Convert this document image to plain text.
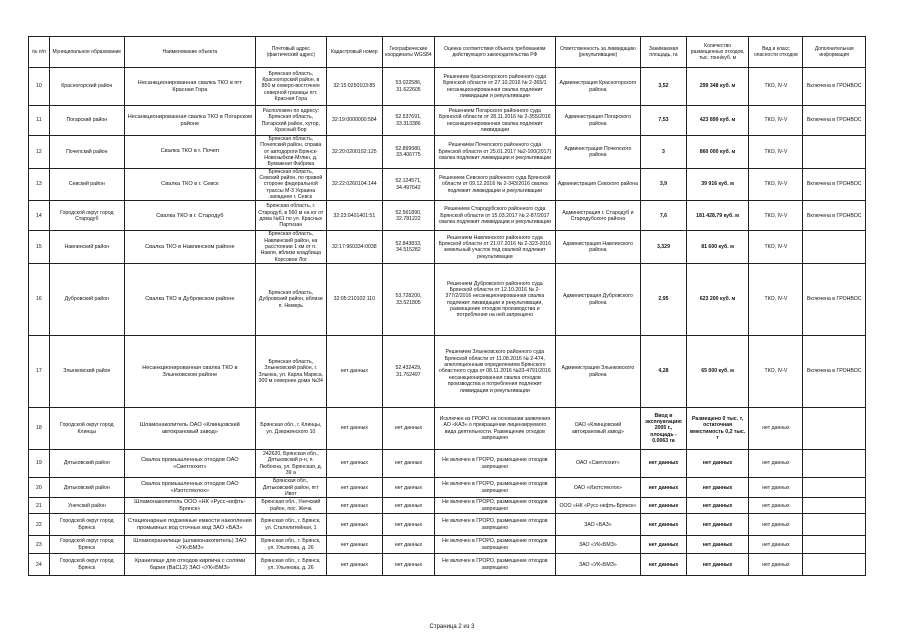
№ п/п	Муниципальное образование	Наименование объекта	Почтовый адрес (фактический адрес)	Кадастровый номер	Географические координаты WGS84	Оценка соответствия объекта требованиям действующего законодательства РФ	Ответственность за ликвидацию (рекультивацию)	Занимаемая площадь, га	Количество размещенных отходов, тыс. тонн/куб. м	Вид и класс опасности отходов	Дополнительная информация
10	Красногорский район	Несанкционированная свалка ТКО в пгт Красная Гора	Брянская область, Красногорский район, в 850 м северо-восточнее северной границы пгт. Красная Гора	32:15:0250103:85	53.022586, 31.622605	Решением Красногорского районного суда Брянской области от 27.10.2016 № 2-365/1 несанкционированная свалка подлежит ликвидации и рекультивации	Администрация Красногорского района	3,52	299 348 куб. м	ТКО, IV-V	Включена в ГРОНВОС
11	Погарский район	Несанкционированная свалка ТКО в Погарском районе	Расположен по адресу: Брянская область, Погарский район, хутор, Красный Бор	32:19:0000000:584	52.537691, 33.313386	Решением Погарского районного суда Брянской области от 28.11.2016 № 2-355/2016 несанкционированная свалка подлежит ликвидации	Администрация Погарского района	7,53	423 899 куб. м	ТКО, IV-V	Включена в ГРОНВОС
12	Почепский район	Свалка ТКО в г. Почеп	Брянская область, Почепский район, справа от автодороги Брянск-Новозыбков-Мглин, д. Бумажная Фабрика	32:20:0200102:125	52.899980, 33.406775	Решением Почепского районного суда Брянской области от 25.01.2017 №2-100(2017) свалка подлежит ликвидации и рекультивации	Администрация Почепского района	3	860 000 куб. м	ТКО, IV-V	
13	Севский район	Свалка ТКО в г. Севск	Брянская область, Севский район, по правой стороне федеральной трассы М-3 Украина западнее г. Севск	32:22:0260104:144	52.124571, 34.497642	Решением Севского районного суда Брянской области от 09.12.2016 № 2-343/2016 свалка подлежит ликвидации и рекультивации	Администрация Севского района	3,9	39 916 куб. м	ТКО, IV-V	Включена в ГРОНВОС
14	Городской округ город Стародуб	Свалка ТКО в г. Стародуб	Брянская область, г. Стародуб, в 560 м на юг от дома №61 по ул. Красных Партизан	32:23:0401401:51	52.561890, 32.781222	Решением Стародубского районного суда Брянской области от 15.03.2017 № 2-87/2017 свалка подлежит ликвидации и рекультивации	Администрация г. Стародуб и Стародубского района	7,6	181 428,79 куб. м	ТКО, IV-V	Включена в ГРОНВОС
15	Навлинский район	Свалка ТКО в Навлинском районе	Брянская область, Навлинский район, на расстоянии 1 км от п. Навля, вблизи кладбища Корсовое Лог	32:17:960334:0038	52.843833, 34.515282	Решением Навлинского районного суда Брянской области от 21.07.2016 № 2-323-2016 земельный участок под свалкой подлежит рекультивации	Администрация Навлинского района	3,329	81 600 куб. м	ТКО, IV-V	
16	Дубровский район	Свалка ТКО в Дубровском районе	Брянская область, Дубровский район, вблизи п. Немерь	32:05:210102:110	53.728200, 33.521805	Решением Дубровского районного суда Брянской области от 12.10.2016 № 2-377/2/2016 несанкционированная свалка подлежит ликвидации и рекультивации, размещение отходов производства и потребления на ней запрещено	Администрация Дубровского района	2,95	623 200 куб. м	ТКО, IV-V	Включена в ГРОНВОС
17	Злынковский район	Несанкционированная свалка ТКО в Злынковском районе	Брянская область, Злынковский район, г. Злынка, ул. Карла Маркса, 300 м севернее дома №34	нет данных	52.432429, 31.762497	Решением Злынковского районного суда Брянской области от 11.08.2016 № 2-474, апелляционным определением Брянского областного суда от 08.11.2016 №33-4791/2016 несанкционированная свалка отходов производства и потребления подлежит ликвидации и рекультивации	Администрация Злынковского района	4,28	65 000 куб. м	ТКО, IV-V	Включена в ГРОНВОС
18	Городской округ город Клинцы	Шламонакопитель ОАО «Клинцовский автокрановый завод»	Брянская обл., г. Клинцы, ул. Дзержинского 10	нет данных	нет данных	Исключен из ГРОРО на основании заявления АО «КАЗ» о прекращении лицензируемого вида деятельности. Размещение отходов запрещено	ОАО «Клинцовский автокрановый завод»	Ввод в эксплуатацию 2005 г., площадь - 0,0063 га	Размещено 0 тыс. т, остаточная вместимость 0,2 тыс. т	нет данных	
19	Дятьковский район	Свалка промышленных отходов ОАО «Светлохит»	242620, Брянская обл., Дятьковский р-н, п. Любохна, ул. Брянская, д. 39 а	нет данных	нет данных	Не включен в ГРОРО, размещение отходов запрещено	ОАО «Светлохит»	нет данных	нет данных	нет данных	
20	Дятьковский район	Свалка промышленных отходов ОАО «Изотстеклох»	Брянская обл., Дятьковский район, пгт Ивот	нет данных	нет данных	Не включен в ГРОРО, размещение отходов запрещено	ОАО «Изотстеклох»	нет данных	нет данных	нет данных	
21	Унечский район	Шламонакопитель ООО «НК «Русс-нефть-Брянск»	Брянская обл., Унечский район, пос. Жеча	нет данных	нет данных	Не включен в ГРОРО, размещение отходов запрещено	ООО «НК «Русс-нефть-Брянск»	нет данных	нет данных	нет данных	
22	Городской округ город Брянск	Стационарные подземные емкости накопления промывных вод сточных вод ЗАО «БАЗ»	Брянская обл., г. Брянск, ул. Сталелитейная, 1	нет данных	нет данных	Не включен в ГРОРО, размещение отходов запрещено	ЗАО «БАЗ»	нет данных	нет данных	нет данных	
23	Городской округ город Брянск	Шламохранилище (шламонакопитель) ЗАО «УК«БМЗ»	Брянская обл., г. Брянск, ул. Ульянова, д. 26	нет данных	нет данных	Не включен в ГРОРО, размещение отходов запрещено	ЗАО «УК«БМЗ»	нет данных	нет данных	нет данных	
24	Городской округ город Брянск	Хранилище для отходов кирпича с солями бария (BaCL2) ЗАО «УК«БМЗ»	Брянская обл., г. Брянск, ул. Ульянова, д. 26	нет данных	нет данных	Не включен в ГРОРО, размещение отходов запрещено	ЗАО «УК«БМЗ»	нет данных	нет данных	нет данных	
Страница 2 из 3
